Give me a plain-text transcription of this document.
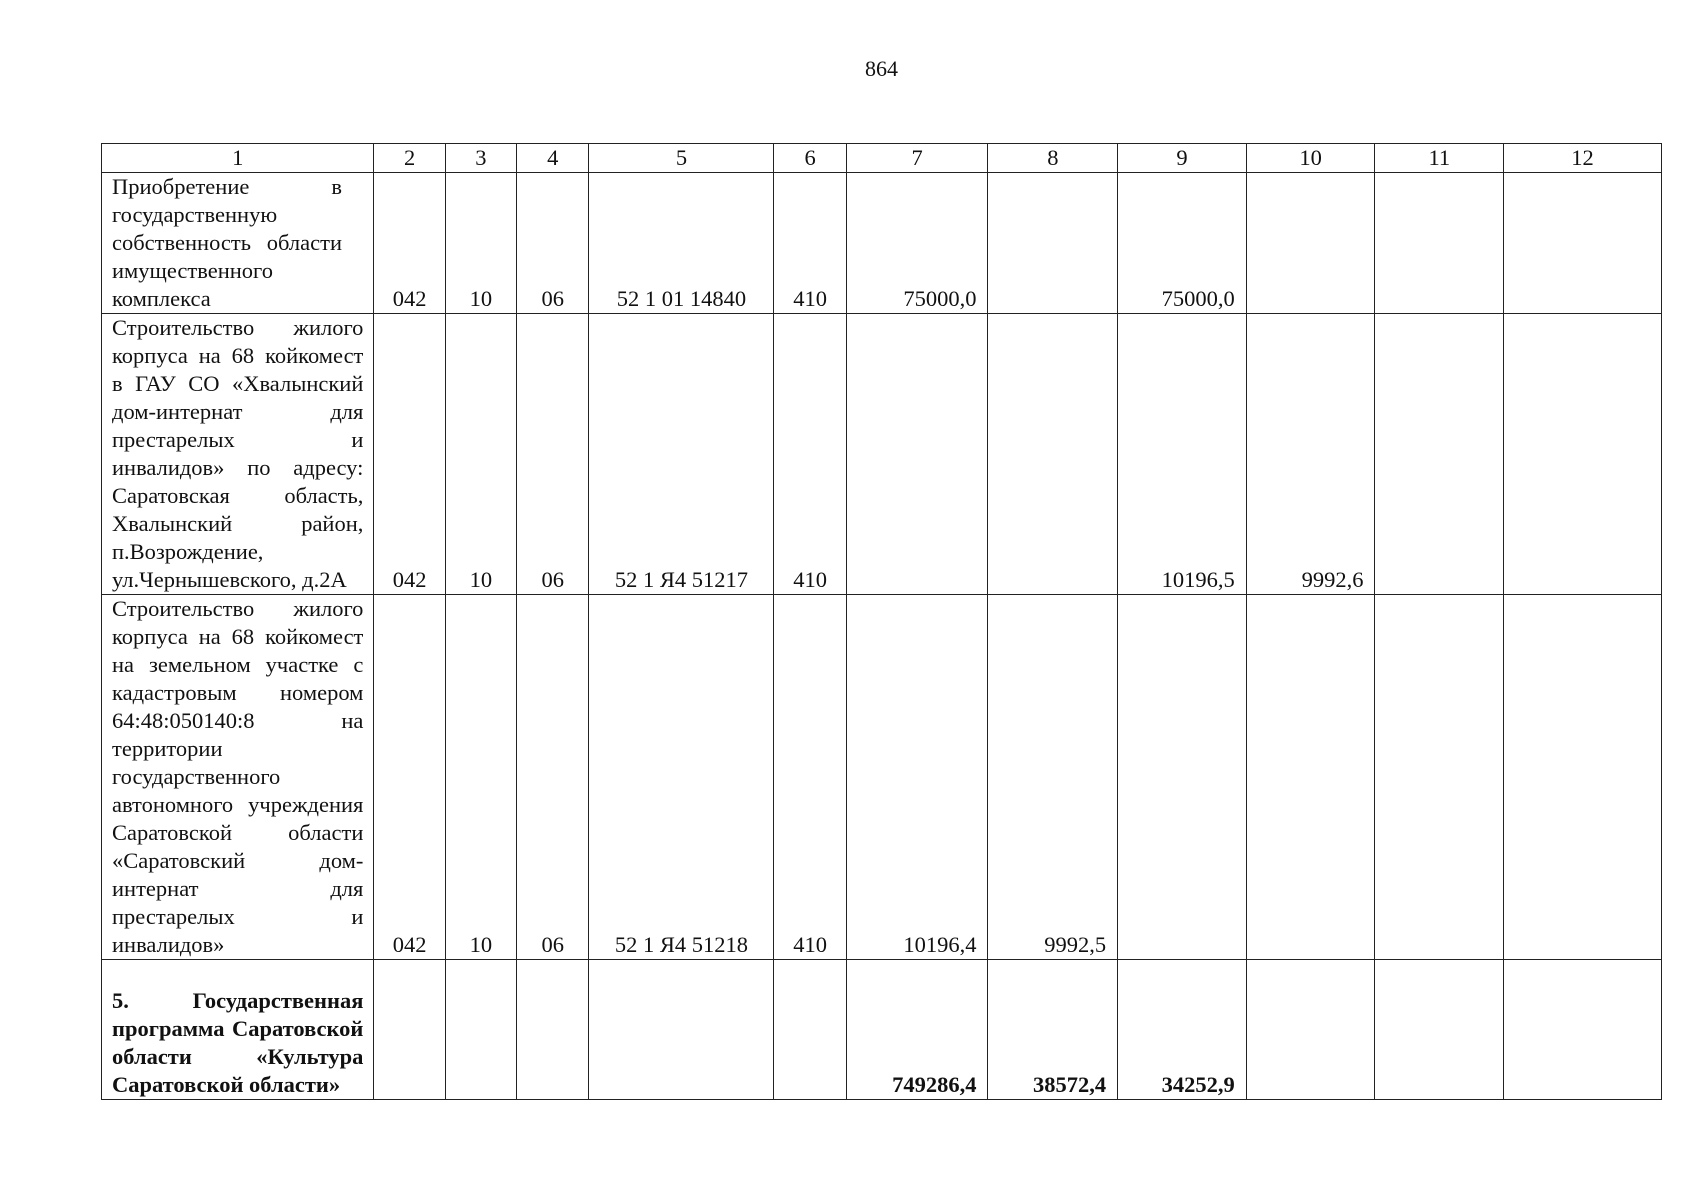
864
1	2	3	4	5	6	7	8	9	10	11	12

Приобретение в государственную собственность области имущественного комплекса	042	10	06	52 1 01 14840	410	75000,0		75000,0			

Строительство жилого корпуса на 68 койкомест в ГАУ СО «Хвалынский дом-интернат для престарелых и инвалидов» по адресу: Саратовская область, Хвалынский район, п.Возрождение, ул.Чернышевского, д.2А	042	10	06	52 1 Я4 51217	410			10196,5	9992,6		

Строительство жилого корпуса на 68 койкомест на земельном участке с кадастровым номером 64:48:050140:8 на территории государственного автономного учреждения Саратовской области «Саратовский дом-интернат для престарелых и инвалидов»	042	10	06	52 1 Я4 51218	410	10196,4	9992,5				

5. Государственная программа Саратовской области «Культура Саратовской области»						749286,4	38572,4	34252,9			
